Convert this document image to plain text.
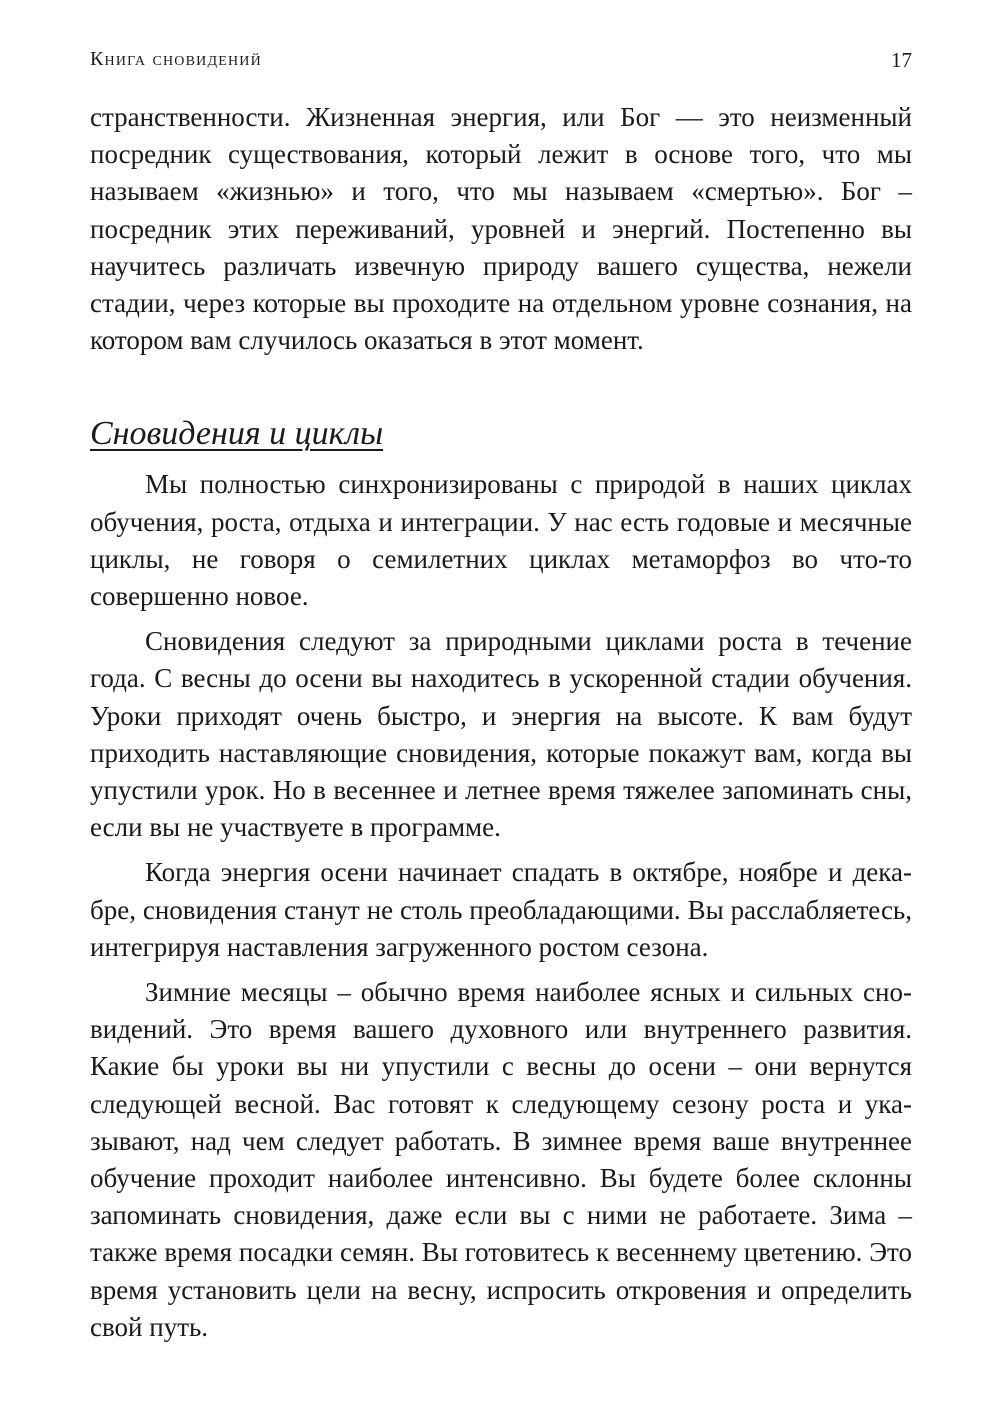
Книга сновидений	17

странственности. Жизненная энергия, или Бог — это неизменный посредник существования, который лежит в основе того, что мы называем «жизнью» и того, что мы называем «смертью». Бог – посредник этих переживаний, уровней и энергий. Постепенно вы научитесь различать извечную природу вашего существа, нежели стадии, через которые вы проходите на отдельном уровне сознания, на котором вам случилось оказаться в этот момент.

Сновидения и циклы

Мы полностью синхронизированы с природой в наших циклах обучения, роста, отдыха и интеграции. У нас есть годовые и месячные циклы, не говоря о семилетних циклах метаморфоз во что-то совершенно новое.

Сновидения следуют за природными циклами роста в течение года. С весны до осени вы находитесь в ускоренной стадии обучения. Уроки приходят очень быстро, и энергия на высоте. К вам будут приходить наставляющие сновидения, которые покажут вам, когда вы упустили урок. Но в весеннее и летнее время тяжелее запоминать сны, если вы не участвуете в программе.

Когда энергия осени начинает спадать в октябре, ноябре и декабре, сновидения станут не столь преобладающими. Вы расслабляетесь, интегрируя наставления загруженного ростом сезона.

Зимние месяцы – обычно время наиболее ясных и сильных сновидений. Это время вашего духовного или внутреннего развития. Какие бы уроки вы ни упустили с весны до осени – они вернутся следующей весной. Вас готовят к следующему сезону роста и указывают, над чем следует работать. В зимнее время ваше внутреннее обучение проходит наиболее интенсивно. Вы будете более склонны запоминать сновидения, даже если вы с ними не работаете. Зима – также время посадки семян. Вы готовитесь к весеннему цветению. Это время установить цели на весну, испросить откровения и определить свой путь.
